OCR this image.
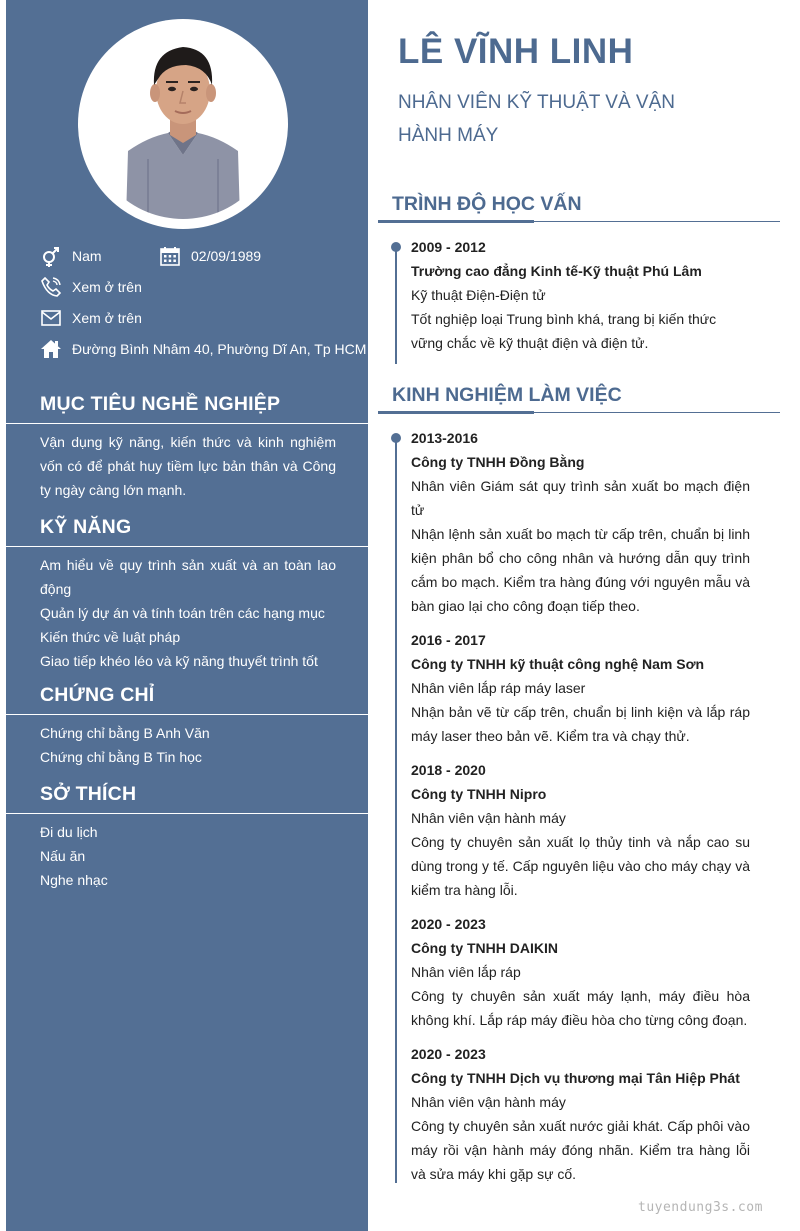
Nam	02/09/1989
Xem ở trên
Xem ở trên
Đường Bình Nhâm 40, Phường Dĩ An, Tp HCM
MỤC TIÊU NGHỀ NGHIỆP
Vận dụng kỹ năng, kiến thức và kinh nghiệm vốn có để phát huy tiềm lực bản thân và Công ty ngày càng lớn mạnh.
KỸ NĂNG
Am hiểu về quy trình sản xuất và an toàn lao động
Quản lý dự án và tính toán trên các hạng mục
Kiến thức về luật pháp
Giao tiếp khéo léo và kỹ năng thuyết trình tốt
CHỨNG CHỈ
Chứng chỉ bằng B Anh Văn
Chứng chỉ bằng B Tin học
SỞ THÍCH
Đi du lịch
Nấu ăn
Nghe nhạc
LÊ VĨNH LINH
NHÂN VIÊN KỸ THUẬT VÀ VẬN HÀNH MÁY
TRÌNH ĐỘ HỌC VẤN
2009 - 2012
Trường cao đẳng Kinh tế-Kỹ thuật Phú Lâm
Kỹ thuật Điện-Điện tử
Tốt nghiệp loại Trung bình khá, trang bị kiến thức vững chắc về kỹ thuật điện và điện tử.
KINH NGHIỆM LÀM VIỆC
2013-2016
Công ty TNHH Đồng Bằng
Nhân viên Giám sát quy trình sản xuất bo mạch điện tử
Nhận lệnh sản xuất bo mạch từ cấp trên, chuẩn bị linh kiện phân bổ cho công nhân và hướng dẫn quy trình cắm bo mạch. Kiểm tra hàng đúng với nguyên mẫu và bàn giao lại cho công đoạn tiếp theo.
2016 - 2017
Công ty TNHH kỹ thuật công nghệ Nam Sơn
Nhân viên lắp ráp máy laser
Nhận bản vẽ từ cấp trên, chuẩn bị linh kiện và lắp ráp máy laser theo bản vẽ. Kiểm tra và chạy thử.
2018 - 2020
Công ty TNHH Nipro
Nhân viên vận hành máy
Công ty chuyên sản xuất lọ thủy tinh và nắp cao su dùng trong y tế. Cấp nguyên liệu vào cho máy chạy và kiểm tra hàng lỗi.
2020 - 2023
Công ty TNHH DAIKIN
Nhân viên lắp ráp
Công ty chuyên sản xuất máy lạnh, máy điều hòa không khí. Lắp ráp máy điều hòa cho từng công đoạn.
2020 - 2023
Công ty TNHH Dịch vụ thương mại Tân Hiệp Phát
Nhân viên vận hành máy
Công ty chuyên sản xuất nước giải khát. Cấp phôi vào máy rồi vận hành máy đóng nhãn. Kiểm tra hàng lỗi và sửa máy khi gặp sự cố.
tuyendung3s.com
